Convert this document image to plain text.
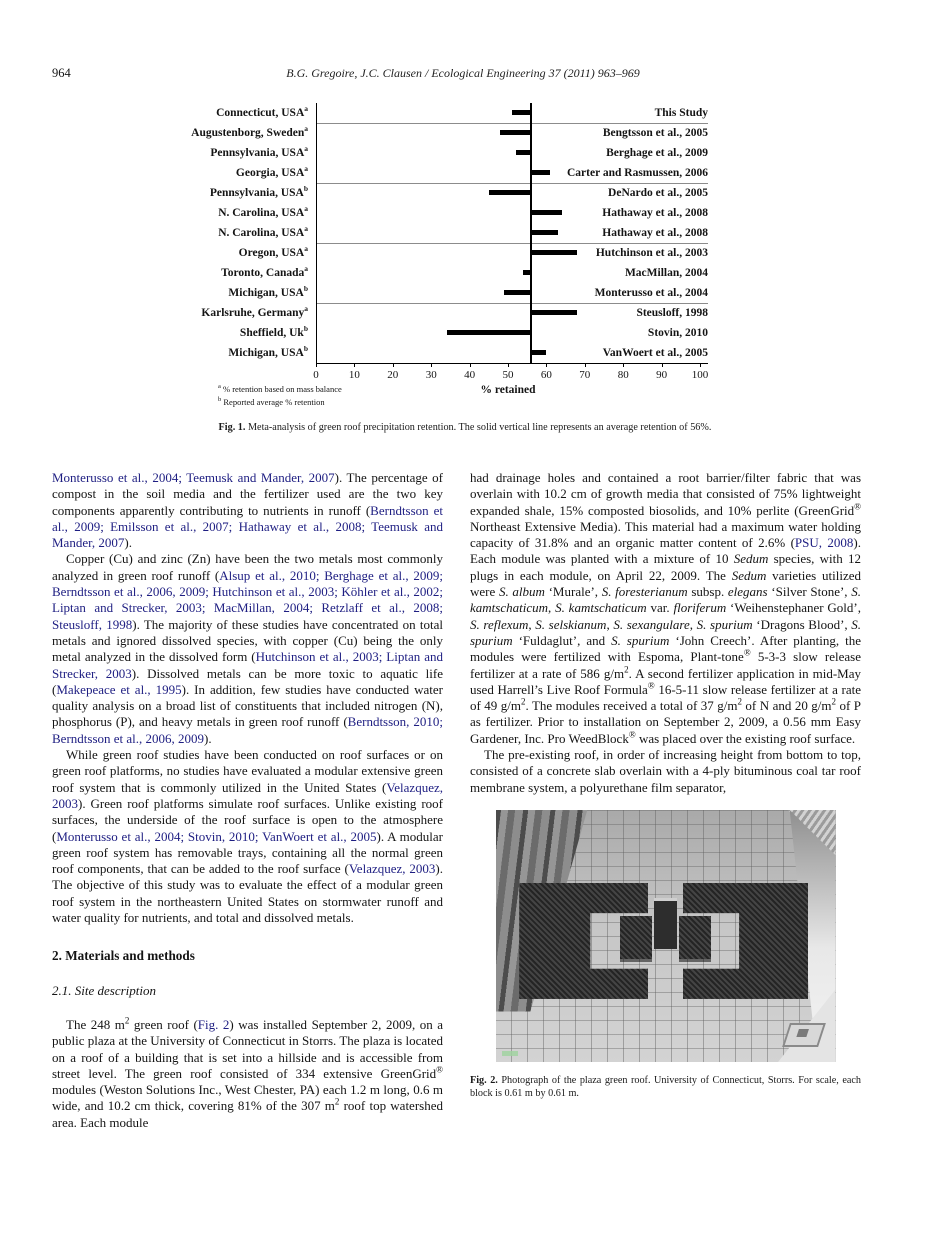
964	B.G. Gregoire, J.C. Clausen / Ecological Engineering 37 (2011) 963–969
Connecticut, USA$^a$	This Study
Augustenborg, Sweden$^a$	Bengtsson et al., 2005
Pennsylvania, USA$^a$	Berghage et al., 2009
Georgia, USA$^a$	Carter and Rasmussen, 2006
Pennsylvania, USA$^b$	DeNardo et al., 2005
N. Carolina, USA$^a$	Hathaway et al., 2008
N. Carolina, USA$^a$	Hathaway et al., 2008
Oregon, USA$^a$	Hutchinson et al., 2003
Toronto, Canada$^a$	MacMillan, 2004
Michigan, USA$^b$	Monterusso et al., 2004
Karlsruhe, Germany$^a$	Steusloff, 1998
Sheffield, Uk$^b$	Stovin, 2010
Michigan, USA$^b$	VanWoert et al., 2005
0	10	20	30	40	50	60	70	80	90	100
% retained
$^a$ % retention based on mass balance
$^b$ Reported average % retention
Fig. 1. Meta-analysis of green roof precipitation retention. The solid vertical line represents an average retention of 56%.

Monterusso et al., 2004; Teemusk and Mander, 2007). The percentage of compost in the soil media and the fertilizer used are the two key components apparently contributing to nutrients in runoff (Berndtsson et al., 2009; Emilsson et al., 2007; Hathaway et al., 2008; Teemusk and Mander, 2007).

Copper (Cu) and zinc (Zn) have been the two metals most commonly analyzed in green roof runoff (Alsup et al., 2010; Berghage et al., 2009; Berndtsson et al., 2006, 2009; Hutchinson et al., 2003; Köhler et al., 2002; Liptan and Strecker, 2003; MacMillan, 2004; Retzlaff et al., 2008; Steusloff, 1998). The majority of these studies have concentrated on total metals and ignored dissolved species, with copper (Cu) being the only metal analyzed in the dissolved form (Hutchinson et al., 2003; Liptan and Strecker, 2003). Dissolved metals can be more toxic to aquatic life (Makepeace et al., 1995). In addition, few studies have conducted water quality analysis on a broad list of constituents that included nitrogen (N), phosphorus (P), and heavy metals in green roof runoff (Berndtsson, 2010; Berndtsson et al., 2006, 2009).

While green roof studies have been conducted on roof surfaces or on green roof platforms, no studies have evaluated a modular extensive green roof system that is commonly utilized in the United States (Velazquez, 2003). Green roof platforms simulate roof surfaces. Unlike existing roof surfaces, the underside of the roof surface is open to the atmosphere (Monterusso et al., 2004; Stovin, 2010; VanWoert et al., 2005). A modular green roof system has removable trays, containing all the normal green roof components, that can be added to the roof surface (Velazquez, 2003). The objective of this study was to evaluate the effect of a modular green roof system in the northeastern United States on stormwater runoff and water quality for nutrients, and total and dissolved metals.

2. Materials and methods
2.1. Site description

The 248 $m^2$ green roof (Fig. 2) was installed September 2, 2009, on a public plaza at the University of Connecticut in Storrs. The plaza is located on a roof of a building that is set into a hillside and is accessible from street level. The green roof consisted of 334 extensive GreenGrid® modules (Weston Solutions Inc., West Chester, PA) each 1.2 m long, 0.6 m wide, and 10.2 cm thick, covering 81% of the 307 $m^2$ roof top watershed area. Each module

had drainage holes and contained a root barrier/filter fabric that was overlain with 10.2 cm of growth media that consisted of 75% lightweight expanded shale, 15% composted biosolids, and 10% perlite (GreenGrid® Northeast Extensive Media). This material had a maximum water holding capacity of 31.8% and an organic matter content of 2.6% (PSU, 2008). Each module was planted with a mixture of 10 Sedum species, with 12 plugs in each module, on April 22, 2009. The Sedum varieties utilized were S. album ‘Murale’, S. foresterianum subsp. elegans ‘Silver Stone’, S. kamtschaticum, S. kamtschaticum var. floriferum ‘Weihenstephaner Gold’, S. reflexum, S. selskianum, S. sexangulare, S. spurium ‘Dragons Blood’, S. spurium ‘Fuldaglut’, and S. spurium ‘John Creech’. After planting, the modules were fertilized with Espoma, Plant-tone® 5-3-3 slow release fertilizer at a rate of 586 $g/m^2$. A second fertilizer application in mid-May used Harrell’s Live Roof Formula® 16-5-11 slow release fertilizer at a rate of 49 $g/m^2$. The modules received a total of 37 $g/m^2$ of N and 20 $g/m^2$ of P as fertilizer. Prior to installation on September 2, 2009, a 0.56 mm Easy Gardener, Inc. Pro WeedBlock® was placed over the existing roof surface.

The pre-existing roof, in order of increasing height from bottom to top, consisted of a concrete slab overlain with a 4-ply bituminous coal tar roof membrane system, a polyurethane film separator,

Fig. 2. Photograph of the plaza green roof. University of Connecticut, Storrs. For scale, each block is 0.61 m by 0.61 m.
